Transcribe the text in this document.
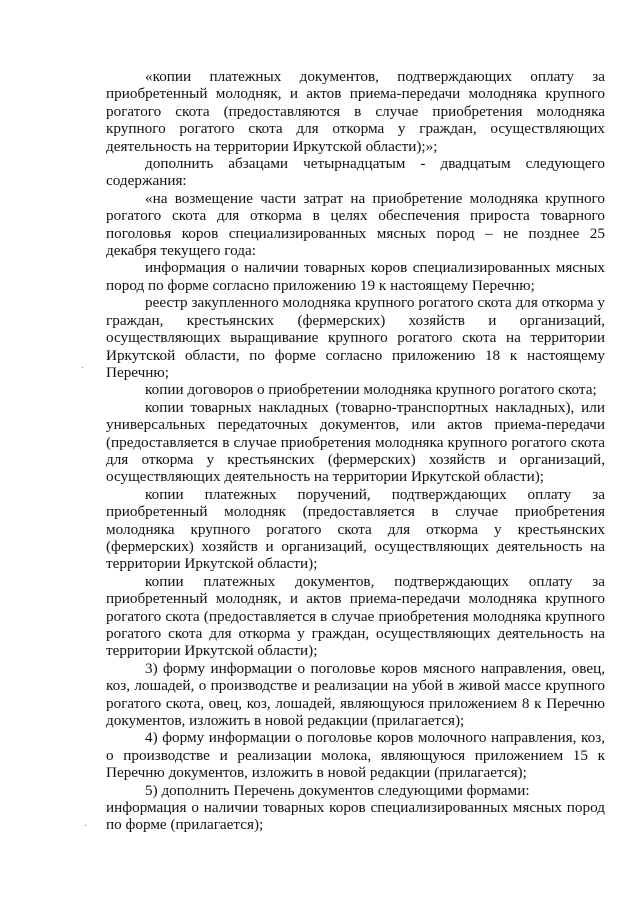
«копии платежных документов, подтверждающих оплату за приобретенный молодняк, и актов приема-передачи молодняка крупного рогатого скота (предоставляются в случае приобретения молодняка крупного рогатого скота для откорма у граждан, осуществляющих деятельность на территории Иркутской области);»;

дополнить абзацами четырнадцатым - двадцатым следующего содержания:

«на возмещение части затрат на приобретение молодняка крупного рогатого скота для откорма в целях обеспечения прироста товарного поголовья коров специализированных мясных пород – не позднее 25 декабря текущего года:

информация о наличии товарных коров специализированных мясных пород по форме согласно приложению 19 к настоящему Перечню;

реестр закупленного молодняка крупного рогатого скота для откорма у граждан, крестьянских (фермерских) хозяйств и организаций, осуществляющих выращивание крупного рогатого скота на территории Иркутской области, по форме согласно приложению 18 к настоящему Перечню;

копии договоров о приобретении молодняка крупного рогатого скота;

копии товарных накладных (товарно-транспортных накладных), или универсальных передаточных документов, или актов приема-передачи (предоставляется в случае приобретения молодняка крупного рогатого скота для откорма у крестьянских (фермерских) хозяйств и организаций, осуществляющих деятельность на территории Иркутской области);

копии платежных поручений, подтверждающих оплату за приобретенный молодняк (предоставляется в случае приобретения молодняка крупного рогатого скота для откорма у крестьянских (фермерских) хозяйств и организаций, осуществляющих деятельность на территории Иркутской области);

копии платежных документов, подтверждающих оплату за приобретенный молодняк, и актов приема-передачи молодняка крупного рогатого скота (предоставляется в случае приобретения молодняка крупного рогатого скота для откорма у граждан, осуществляющих деятельность на территории Иркутской области);

3) форму информации о поголовье коров мясного направления, овец, коз, лошадей, о производстве и реализации на убой в живой массе крупного рогатого скота, овец, коз, лошадей, являющуюся приложением 8 к Перечню документов, изложить в новой редакции (прилагается);

4) форму информации о поголовье коров молочного направления, коз, о производстве и реализации молока, являющуюся приложением 15 к Перечню документов, изложить в новой редакции (прилагается);

5) дополнить Перечень документов следующими формами:

информация о наличии товарных коров специализированных мясных пород по форме (прилагается);

.
.
